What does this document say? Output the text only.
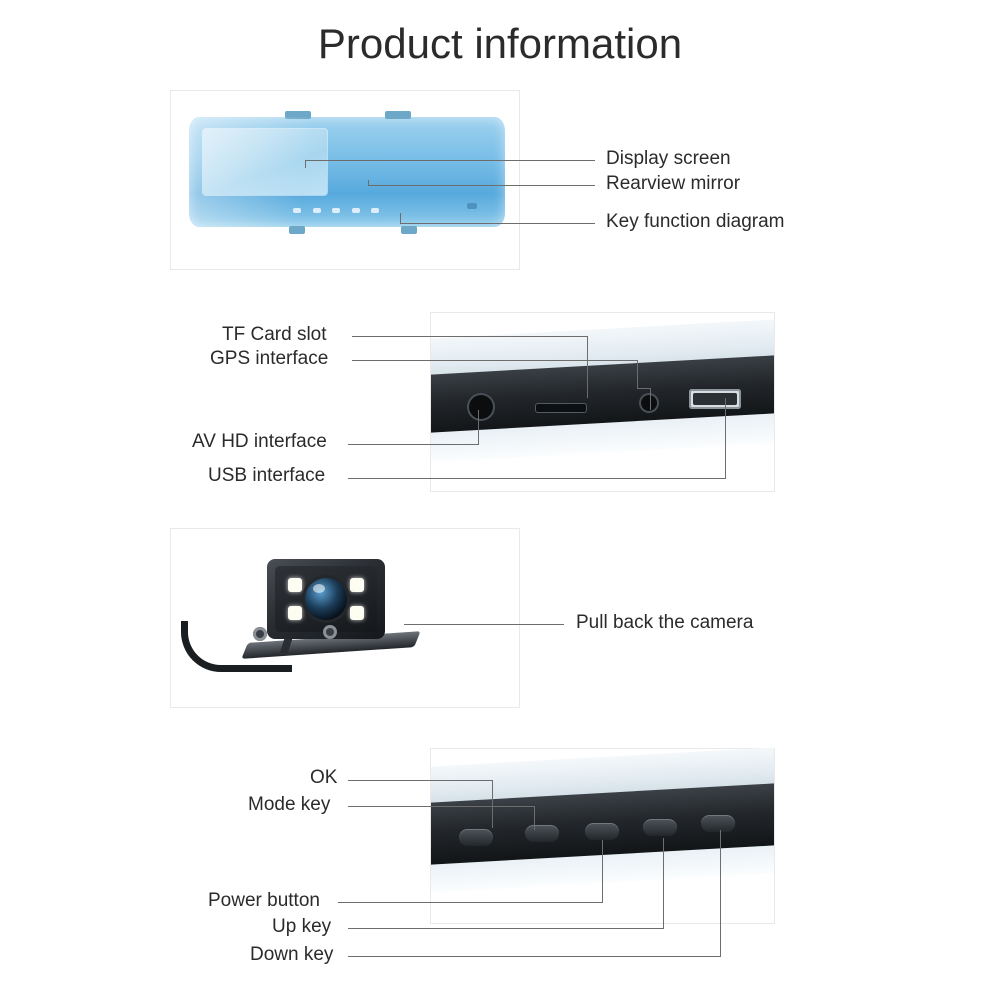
Product information
Display screen
Rearview mirror
Key function diagram
TF Card slot
GPS interface
AV HD interface
USB interface
Pull back the camera
OK
Mode key
Power button
Up key
Down key
